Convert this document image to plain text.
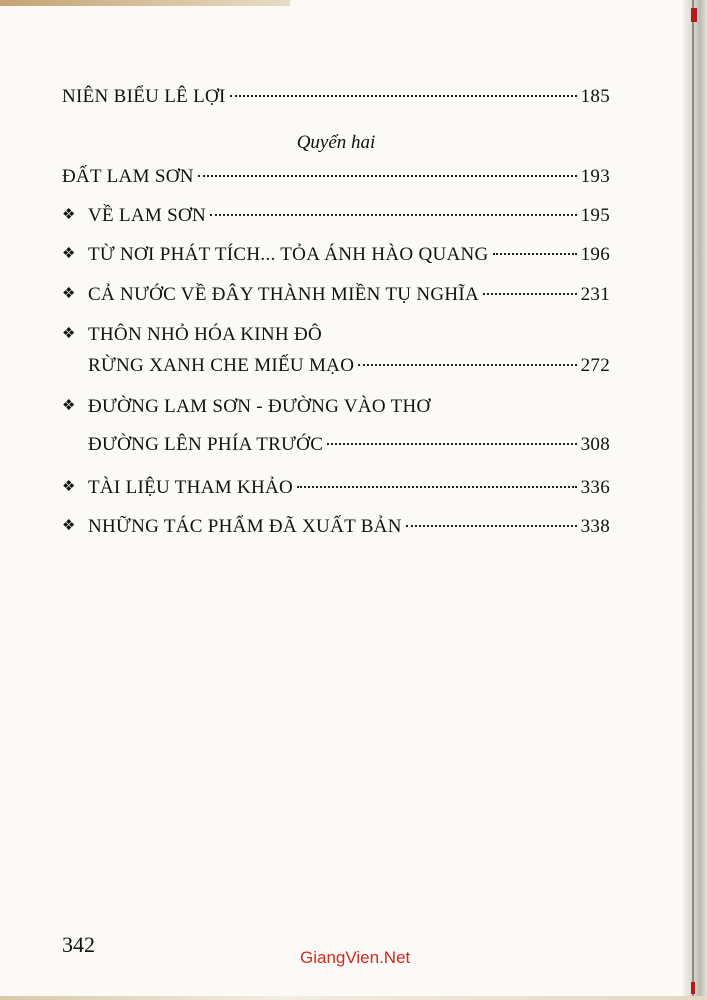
NIÊN BIỂU LÊ LỢI	185
Quyển hai
ĐẤT LAM SƠN	193
❖ VỀ LAM SƠN	195
❖ TỪ NƠI PHÁT TÍCH... TỎA ÁNH HÀO QUANG	196
❖ CẢ NƯỚC VỀ ĐÂY THÀNH MIỀN TỤ NGHĨA	231
❖ THÔN NHỎ HÓA KINH ĐÔ
RỪNG XANH CHE MIẾU MẠO	272
❖ ĐƯỜNG LAM SƠN - ĐƯỜNG VÀO THƠ
ĐƯỜNG LÊN PHÍA TRƯỚC	308
❖ TÀI LIỆU THAM KHẢO	336
❖ NHỮNG TÁC PHẨM ĐÃ XUẤT BẢN	338
342
GiangVien.Net
